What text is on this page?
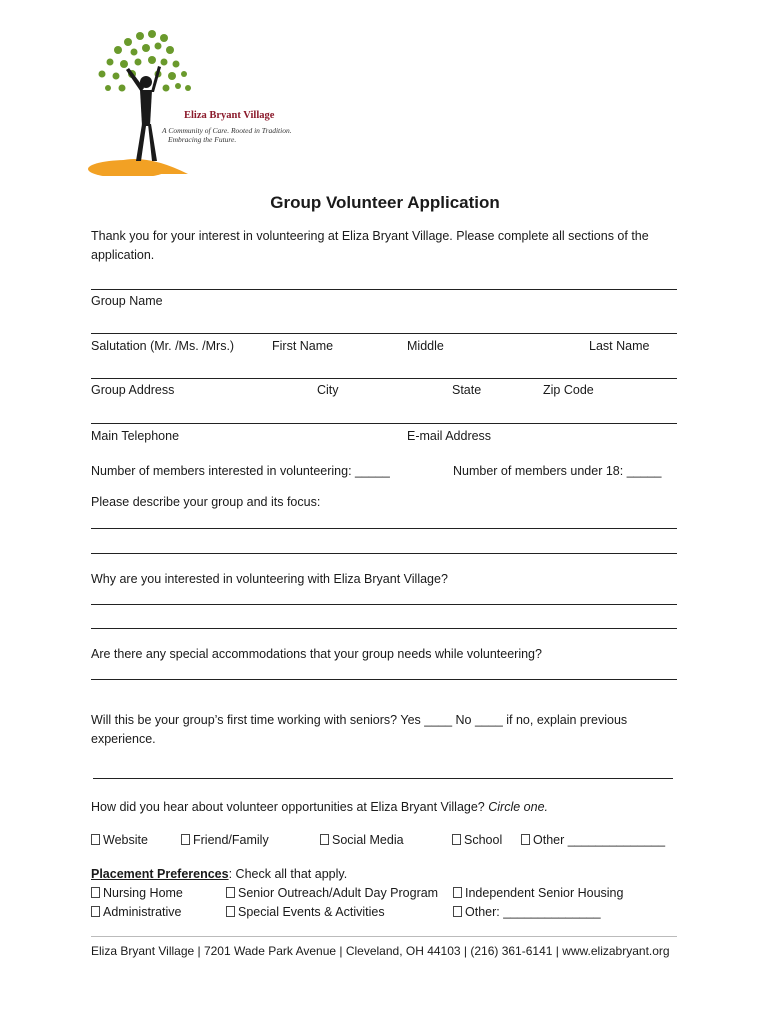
Eliza Bryant Village
A Community of Care. Rooted in Tradition.
Embracing the Future.
Group Volunteer Application
Thank you for your interest in volunteering at Eliza Bryant Village. Please complete all sections of the
application.
Group Name
Salutation (Mr. /Ms. /Mrs.)	First Name	Middle	Last Name
Group Address	City	State	Zip Code
Main Telephone	E-mail Address
Number of members interested in volunteering: _____	Number of members under 18: _____
Please describe your group and its focus:
Why are you interested in volunteering with Eliza Bryant Village?
Are there any special accommodations that your group needs while volunteering?
Will this be your group’s first time working with seniors? Yes ____ No ____ if no, explain previous
experience.
How did you hear about volunteer opportunities at Eliza Bryant Village? Circle one.
Website	Friend/Family	Social Media	School	Other ______________
Placement Preferences: Check all that apply.
Nursing Home	Senior Outreach/Adult Day Program	Independent Senior Housing
Administrative	Special Events & Activities	Other: ______________
Eliza Bryant Village | 7201 Wade Park Avenue | Cleveland, OH 44103 | (216) 361-6141 | www.elizabryant.org
